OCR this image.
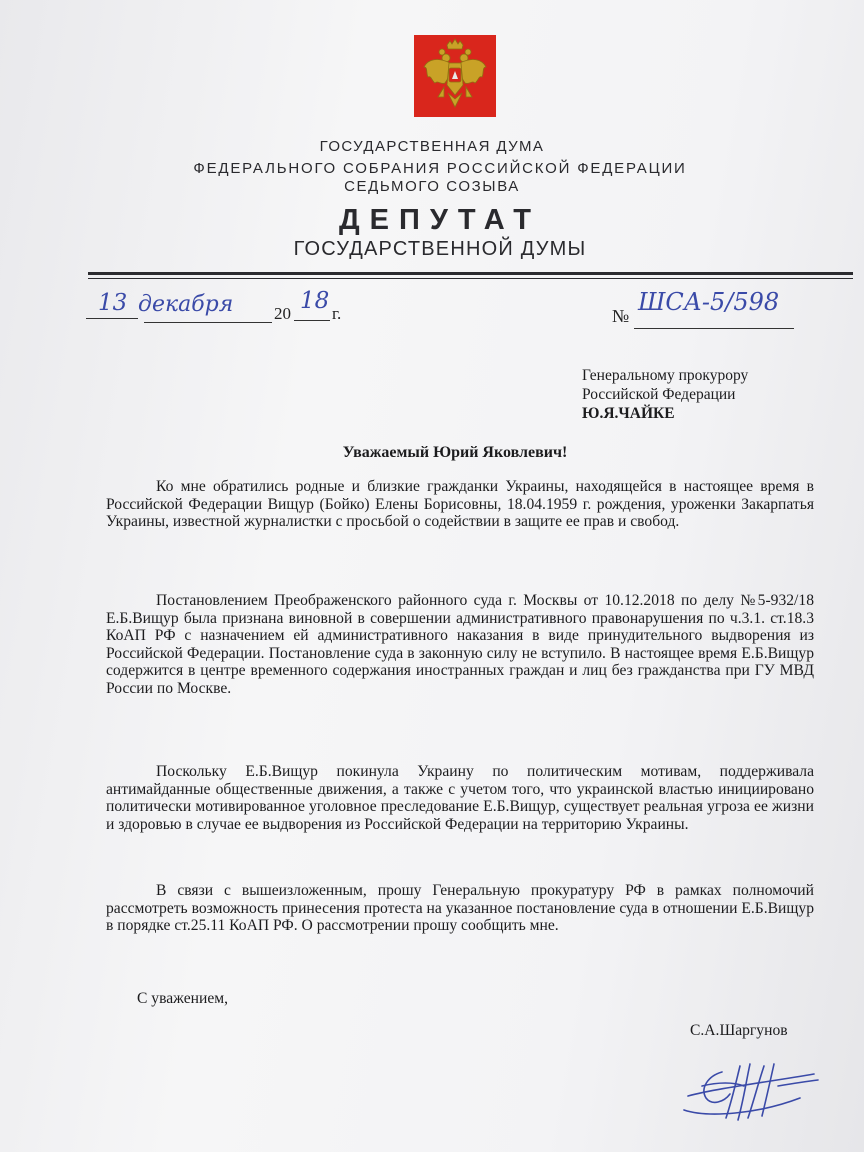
ГОСУДАРСТВЕННАЯ ДУМА
ФЕДЕРАЛЬНОГО СОБРАНИЯ РОССИЙСКОЙ ФЕДЕРАЦИИ
СЕДЬМОГО СОЗЫВА
ДЕПУТАТ
ГОСУДАРСТВЕННОЙ ДУМЫ
13 декабря 20 18 г.	№ ШСА-5/598
Генеральному прокурору
Российской Федерации
Ю.Я.ЧАЙКЕ
Уважаемый Юрий Яковлевич!

Ко мне обратились родные и близкие гражданки Украины, находящейся в настоящее время в Российской Федерации Вищур (Бойко) Елены Борисовны, 18.04.1959 г. рождения, уроженки Закарпатья Украины, известной журналистки с просьбой о содействии в защите ее прав и свобод.

Постановлением Преображенского районного суда г. Москвы от 10.12.2018 по делу №5-932/18 Е.Б.Вищур была признана виновной в совершении административного правонарушения по ч.3.1. ст.18.3 КоАП РФ с назначением ей административного наказания в виде принудительного выдворения из Российской Федерации. Постановление суда в законную силу не вступило. В настоящее время Е.Б.Вищур содержится в центре временного содержания иностранных граждан и лиц без гражданства при ГУ МВД России по Москве.

Поскольку Е.Б.Вищур покинула Украину по политическим мотивам, поддерживала антимайданные общественные движения, а также с учетом того, что украинской властью инициировано политически мотивированное уголовное преследование Е.Б.Вищур, существует реальная угроза ее жизни и здоровью в случае ее выдворения из Российской Федерации на территорию Украины.

В связи с вышеизложенным, прошу Генеральную прокуратуру РФ в рамках полномочий рассмотреть возможность принесения протеста на указанное постановление суда в отношении Е.Б.Вищур в порядке ст.25.11 КоАП РФ. О рассмотрении прошу сообщить мне.

С уважением,
С.А.Шаргунов
